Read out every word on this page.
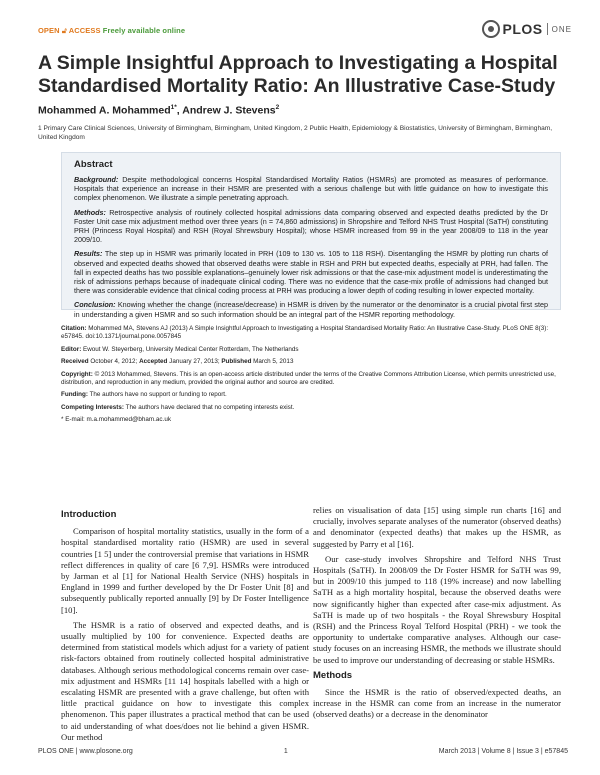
OPEN 🔓︎ ACCESS Freely available online	PLOS ONE
A Simple Insightful Approach to Investigating a Hospital Standardised Mortality Ratio: An Illustrative Case-Study
Mohammed A. Mohammed$^{1*}$, Andrew J. Stevens$^2$
1 Primary Care Clinical Sciences, University of Birmingham, Birmingham, United Kingdom, 2 Public Health, Epidemiology & Biostatistics, University of Birmingham, Birmingham, United Kingdom
Abstract

Background: Despite methodological concerns Hospital Standardised Mortality Ratios (HSMRs) are promoted as measures of performance. Hospitals that experience an increase in their HSMR are presented with a serious challenge but with little guidance on how to investigate this complex phenomenon. We illustrate a simple penetrating approach.

Methods: Retrospective analysis of routinely collected hospital admissions data comparing observed and expected deaths predicted by the Dr Foster Unit case mix adjustment method over three years (n = 74,860 admissions) in Shropshire and Telford NHS Trust Hospital (SaTH) constituting PRH (Princess Royal Hospital) and RSH (Royal Shrewsbury Hospital); whose HSMR increased from 99 in the year 2008/09 to 118 in the year 2009/10.

Results: The step up in HSMR was primarily located in PRH (109 to 130 vs. 105 to 118 RSH). Disentangling the HSMR by plotting run charts of observed and expected deaths showed that observed deaths were stable in RSH and PRH but expected deaths, especially at PRH, had fallen. The fall in expected deaths has two possible explanations–genuinely lower risk admissions or that the case-mix adjustment model is underestimating the risk of admissions perhaps because of inadequate clinical coding. There was no evidence that the case-mix profile of admissions had changed but there was considerable evidence that clinical coding process at PRH was producing a lower depth of coding resulting in lower expected mortality.

Conclusion: Knowing whether the change (increase/decrease) in HSMR is driven by the numerator or the denominator is a crucial pivotal first step in understanding a given HSMR and so such information should be an integral part of the HSMR reporting methodology.

Citation: Mohammed MA, Stevens AJ (2013) A Simple Insightful Approach to Investigating a Hospital Standardised Mortality Ratio: An Illustrative Case-Study. PLoS ONE 8(3): e57845. doi:10.1371/journal.pone.0057845
Editor: Ewout W. Steyerberg, University Medical Center Rotterdam, The Netherlands
Received October 4, 2012; Accepted January 27, 2013; Published March 5, 2013
Copyright: © 2013 Mohammed, Stevens. This is an open-access article distributed under the terms of the Creative Commons Attribution License, which permits unrestricted use, distribution, and reproduction in any medium, provided the original author and source are credited.
Funding: The authors have no support or funding to report.
Competing Interests: The authors have declared that no competing interests exist.
* E-mail: m.a.mohammed@bham.ac.uk
Introduction

Comparison of hospital mortality statistics, usually in the form of a hospital standardised mortality ratio (HSMR) are used in several countries [1 5] under the controversial premise that variations in HSMR reflect differences in quality of care [6 7,9]. HSMRs were introduced by Jarman et al [1] for National Health Service (NHS) hospitals in England in 1999 and further developed by the Dr Foster Unit [8] and subsequently publically reported annually [9] by Dr Foster Intelligence [10].

The HSMR is a ratio of observed and expected deaths, and is usually multiplied by 100 for convenience. Expected deaths are determined from statistical models which adjust for a variety of patient risk-factors obtained from routinely collected hospital administrative databases. Although serious methodological concerns remain over case-mix adjustment and HSMRs [11 14] hospitals labelled with a high or escalating HSMR are presented with a grave challenge, but often with little practical guidance on how to investigate this complex phenomenon. This paper illustrates a practical method that can be used to aid understanding of what does/does not lie behind a given HSMR. Our method

relies on visualisation of data [15] using simple run charts [16] and crucially, involves separate analyses of the numerator (observed deaths) and denominator (expected deaths) that makes up the HSMR, as suggested by Parry et al [16].

Our case-study involves Shropshire and Telford NHS Trust Hospitals (SaTH). In 2008/09 the Dr Foster HSMR for SaTH was 99, but in 2009/10 this jumped to 118 (19% increase) and now labelling SaTH as a high mortality hospital, because the observed deaths were now significantly higher than expected after case-mix adjustment. As SaTH is made up of two hospitals - the Royal Shrewsbury Hospital (RSH) and the Princess Royal Telford Hospital (PRH) - we took the opportunity to undertake comparative analyses. Although our case-study focuses on an increasing HSMR, the methods we illustrate should be used to improve our understanding of decreasing or stable HSMRs.

Methods

Since the HSMR is the ratio of observed/expected deaths, an increase in the HSMR can come from an increase in the numerator (observed deaths) or a decrease in the denominator

PLOS ONE | www.plosone.org	1	March 2013 | Volume 8 | Issue 3 | e57845
